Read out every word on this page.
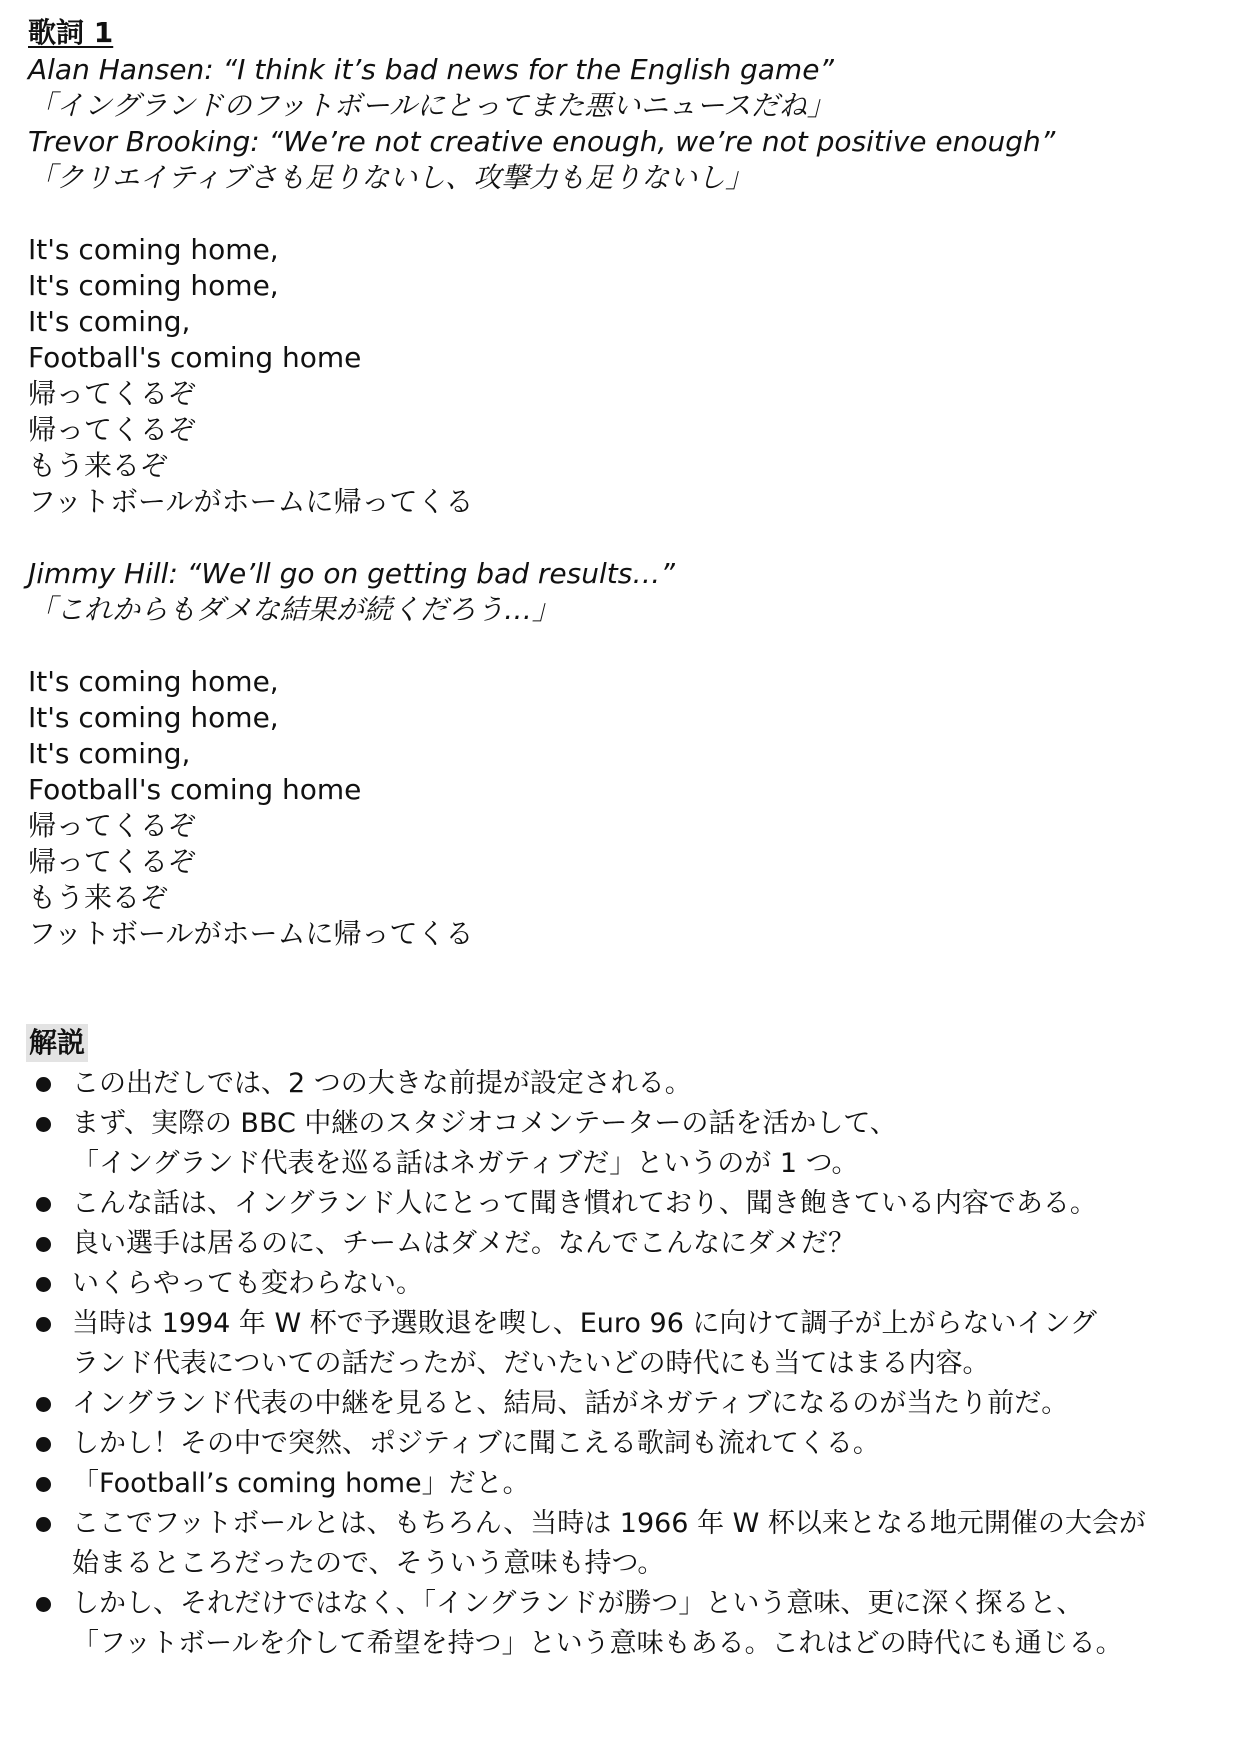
歌詞 1
Alan Hansen: “I think it’s bad news for the English game”
「イングランドのフットボールにとってまた悪いニュースだね」
Trevor Brooking: “We’re not creative enough, we’re not positive enough”
「クリエイティブさも足りないし、攻撃力も足りないし」
It's coming home,
It's coming home,
It's coming,
Football's coming home
帰ってくるぞ
帰ってくるぞ
もう来るぞ
フットボールがホームに帰ってくる
Jimmy Hill: “We’ll go on getting bad results…”
「これからもダメな結果が続くだろう…」
It's coming home,
It's coming home,
It's coming,
Football's coming home
帰ってくるぞ
帰ってくるぞ
もう来るぞ
フットボールがホームに帰ってくる
解説
この出だしでは、2 つの大きな前提が設定される。
まず、実際の BBC 中継のスタジオコメンテーターの話を活かして、
「イングランド代表を巡る話はネガティブだ」というのが 1 つ。
こんな話は、イングランド人にとって聞き慣れており、聞き飽きている内容である。
良い選手は居るのに、チームはダメだ。なんでこんなにダメだ？
いくらやっても変わらない。
当時は 1994 年 W 杯で予選敗退を喫し、Euro 96 に向けて調子が上がらないイング
ランド代表についての話だったが、だいたいどの時代にも当てはまる内容。
イングランド代表の中継を見ると、結局、話がネガティブになるのが当たり前だ。
しかし！その中で突然、ポジティブに聞こえる歌詞も流れてくる。
「Football’s coming home」だと。
ここでフットボールとは、もちろん、当時は 1966 年 W 杯以来となる地元開催の大会が
始まるところだったので、そういう意味も持つ。
しかし、それだけではなく、「イングランドが勝つ」という意味、更に深く探ると、
「フットボールを介して希望を持つ」という意味もある。これはどの時代にも通じる。
